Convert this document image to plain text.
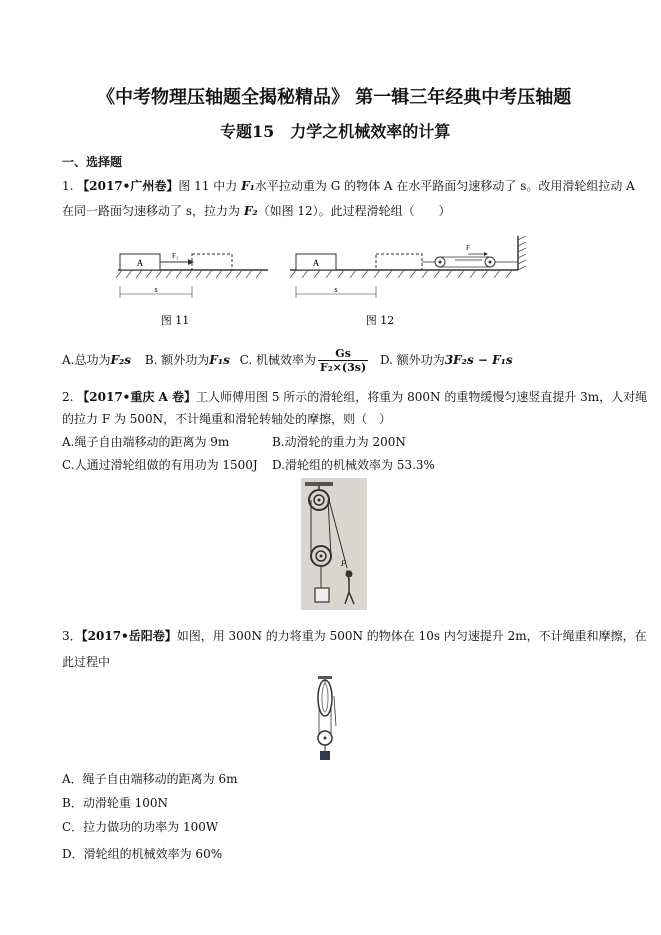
《中考物理压轴题全揭秘精品》 第一辑三年经典中考压轴题
专题15　力学之机械效率的计算
一、选择题
1. 【2017•广州卷】图 11 中力 F₁水平拉动重为 G 的物体 A 在水平路面匀速移动了 s。改用滑轮组拉动 A
在同一路面匀速移动了 s，拉力为 F₂（如图 12）。此过程滑轮组（　　）
A
F₁
s
图 11
A
F
s
图 12
A.总功为F₂s B. 额外功为F₁s C. 机械效率为 $\frac{Gs}{\text{F₂×(3s)}} D$. 额外功为3F₂s − F₁s
2. 【2017•重庆 A 卷】工人师傅用图 5 所示的滑轮组，将重为 800N 的重物缓慢匀速竖直提升 3m，人对绳
的拉力 F 为 500N，不计绳重和滑轮转轴处的摩擦，则（　）
A.绳子自由端移动的距离为 9m	B.动滑轮的重力为 200N
C.人通过滑轮组做的有用功为 1500J D.滑轮组的机械效率为 53.3%
F
3．【2017•岳阳卷】如图，用 300N 的力将重为 500N 的物体在 10s 内匀速提升 2m，不计绳重和摩擦，在
此过程中
A．绳子自由端移动的距离为 6m
B．动滑轮重 100N
C．拉力做功的功率为 100W
D．滑轮组的机械效率为 60%
